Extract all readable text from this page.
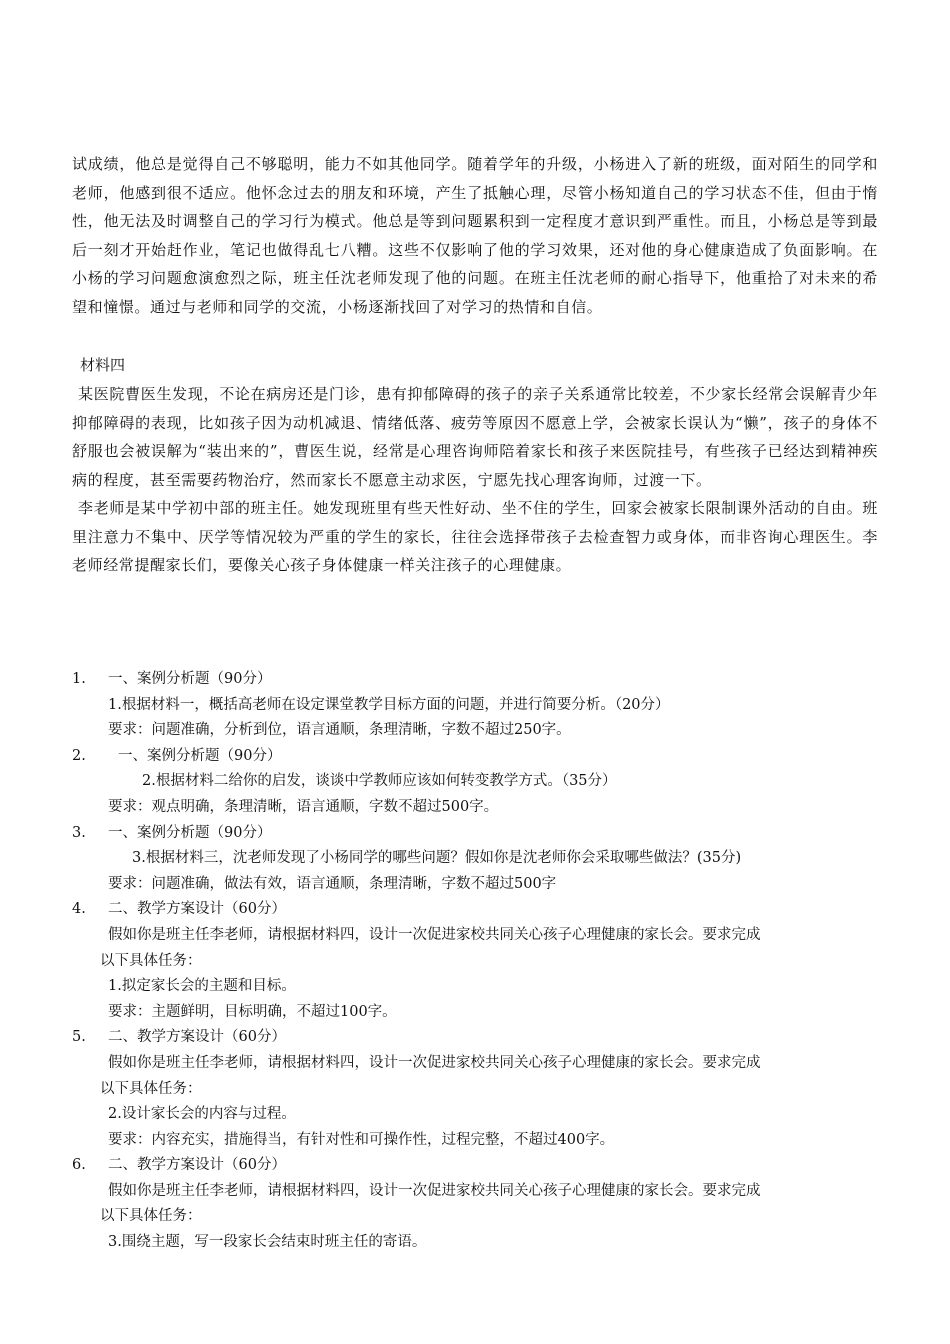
试成绩，他总是觉得自己不够聪明，能力不如其他同学。随着学年的升级，小杨进入了新的班级，面对陌生的同学和老师，他感到很不适应。他怀念过去的朋友和环境，产生了抵触心理，尽管小杨知道自己的学习状态不佳，但由于惰性，他无法及时调整自己的学习行为模式。他总是等到问题累积到一定程度才意识到严重性。而且，小杨总是等到最后一刻才开始赶作业，笔记也做得乱七八糟。这些不仅影响了他的学习效果，还对他的身心健康造成了负面影响。在小杨的学习问题愈演愈烈之际，班主任沈老师发现了他的问题。在班主任沈老师的耐心指导下，他重拾了对未来的希望和憧憬。通过与老师和同学的交流，小杨逐渐找回了对学习的热情和自信。

材料四

某医院曹医生发现，不论在病房还是门诊，患有抑郁障碍的孩子的亲子关系通常比较差，不少家长经常会误解青少年抑郁障碍的表现，比如孩子因为动机减退、情绪低落、疲劳等原因不愿意上学，会被家长误认为“懒”，孩子的身体不舒服也会被误解为“装出来的”，曹医生说，经常是心理咨询师陪着家长和孩子来医院挂号，有些孩子已经达到精神疾病的程度，甚至需要药物治疗，然而家长不愿意主动求医，宁愿先找心理客询师，过渡一下。

李老师是某中学初中部的班主任。她发现班里有些天性好动、坐不住的学生，回家会被家长限制课外活动的自由。班里注意力不集中、厌学等情况较为严重的学生的家长，往往会选择带孩子去检查智力或身体，而非咨询心理医生。李老师经常提醒家长们，要像关心孩子身体健康一样关注孩子的心理健康。

1. 一、案例分析题（90分）
1.根据材料一，概括高老师在设定课堂教学目标方面的问题，并进行简要分析。（20分）
要求：问题准确，分析到位，语言通顺，条理清晰，字数不超过250字。
2. 一、案例分析题（90分）
2.根据材料二给你的启发，谈谈中学教师应该如何转变教学方式。（35分）
要求：观点明确，条理清晰，语言通顺，字数不超过500字。
3. 一、案例分析题（90分）
3.根据材料三，沈老师发现了小杨同学的哪些问题？假如你是沈老师你会采取哪些做法？(35分)
要求：问题准确，做法有效，语言通顺，条理清晰，字数不超过500字
4. 二、教学方案设计（60分）
假如你是班主任李老师，请根据材料四，设计一次促进家校共同关心孩子心理健康的家长会。要求完成
以下具体任务：
1.拟定家长会的主题和目标。
要求：主题鲜明，目标明确，不超过100字。
5. 二、教学方案设计（60分）
假如你是班主任李老师，请根据材料四，设计一次促进家校共同关心孩子心理健康的家长会。要求完成
以下具体任务：
2.设计家长会的内容与过程。
要求：内容充实，措施得当，有针对性和可操作性，过程完整，不超过400字。
6. 二、教学方案设计（60分）
假如你是班主任李老师，请根据材料四，设计一次促进家校共同关心孩子心理健康的家长会。要求完成
以下具体任务：
3.围绕主题，写一段家长会结束时班主任的寄语。
